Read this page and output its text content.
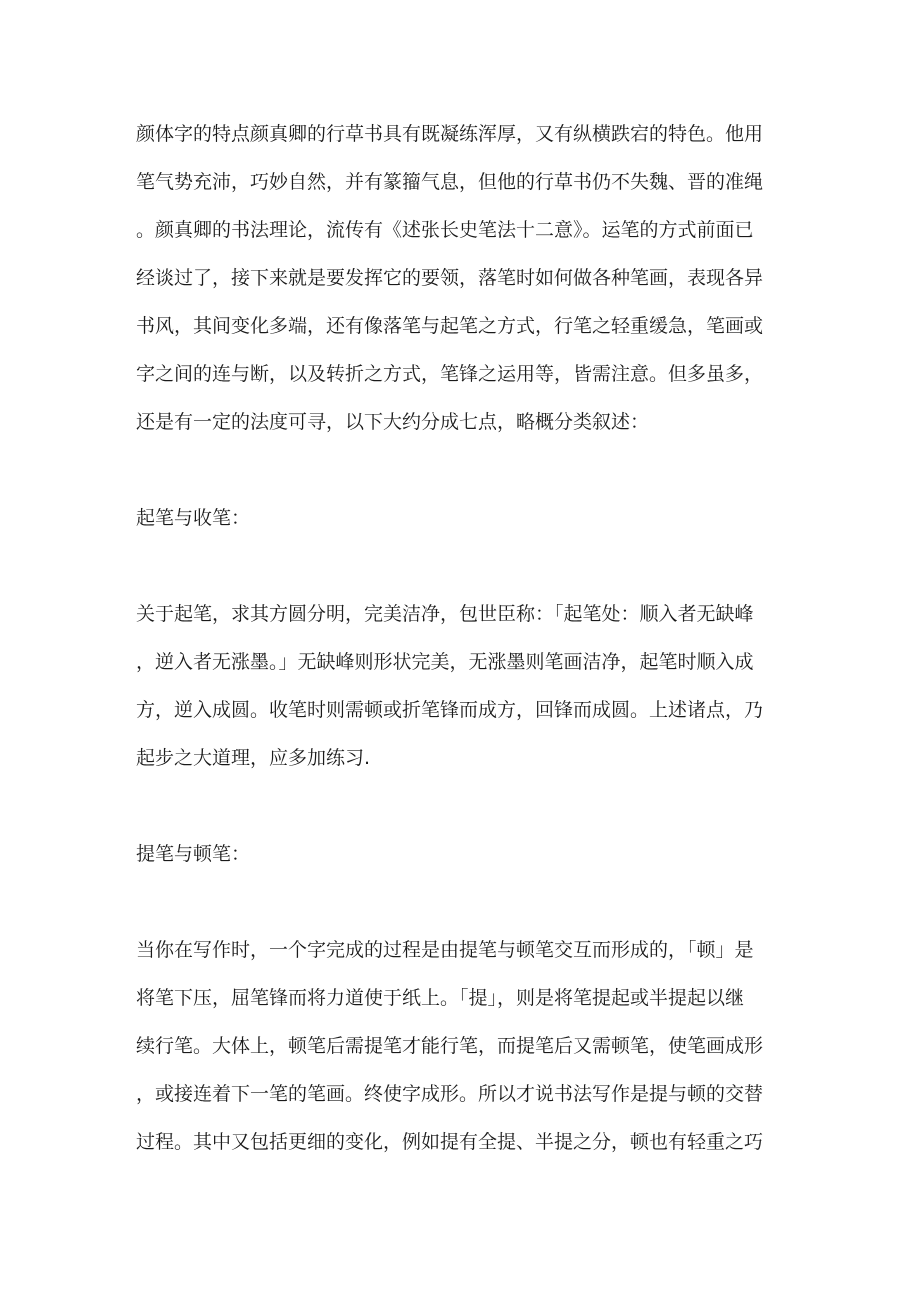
颜体字的特点颜真卿的行草书具有既凝练浑厚，又有纵横跌宕的特色。他用
笔气势充沛，巧妙自然，并有篆籀气息，但他的行草书仍不失魏、晋的准绳
。颜真卿的书法理论，流传有《述张长史笔法十二意》。运笔的方式前面已
经谈过了，接下来就是要发挥它的要领，落笔时如何做各种笔画，表现各异
书风，其间变化多端，还有像落笔与起笔之方式，行笔之轻重缓急，笔画或
字之间的连与断，以及转折之方式，笔锋之运用等，皆需注意。但多虽多，
还是有一定的法度可寻，以下大约分成七点，略概分类叙述：

起笔与收笔：

关于起笔，求其方圆分明，完美洁净，包世臣称：「起笔处：顺入者无缺峰
，逆入者无涨墨。」无缺峰则形状完美，无涨墨则笔画洁净，起笔时顺入成
方，逆入成圆。收笔时则需顿或折笔锋而成方，回锋而成圆。上述诸点，乃
起步之大道理，应多加练习.

提笔与顿笔：

当你在写作时，一个字完成的过程是由提笔与顿笔交互而形成的，「顿」是
将笔下压，屈笔锋而将力道使于纸上。「提」，则是将笔提起或半提起以继
续行笔。大体上，顿笔后需提笔才能行笔，而提笔后又需顿笔，使笔画成形
，或接连着下一笔的笔画。终使字成形。所以才说书法写作是提与顿的交替
过程。其中又包括更细的变化，例如提有全提、半提之分，顿也有轻重之巧
